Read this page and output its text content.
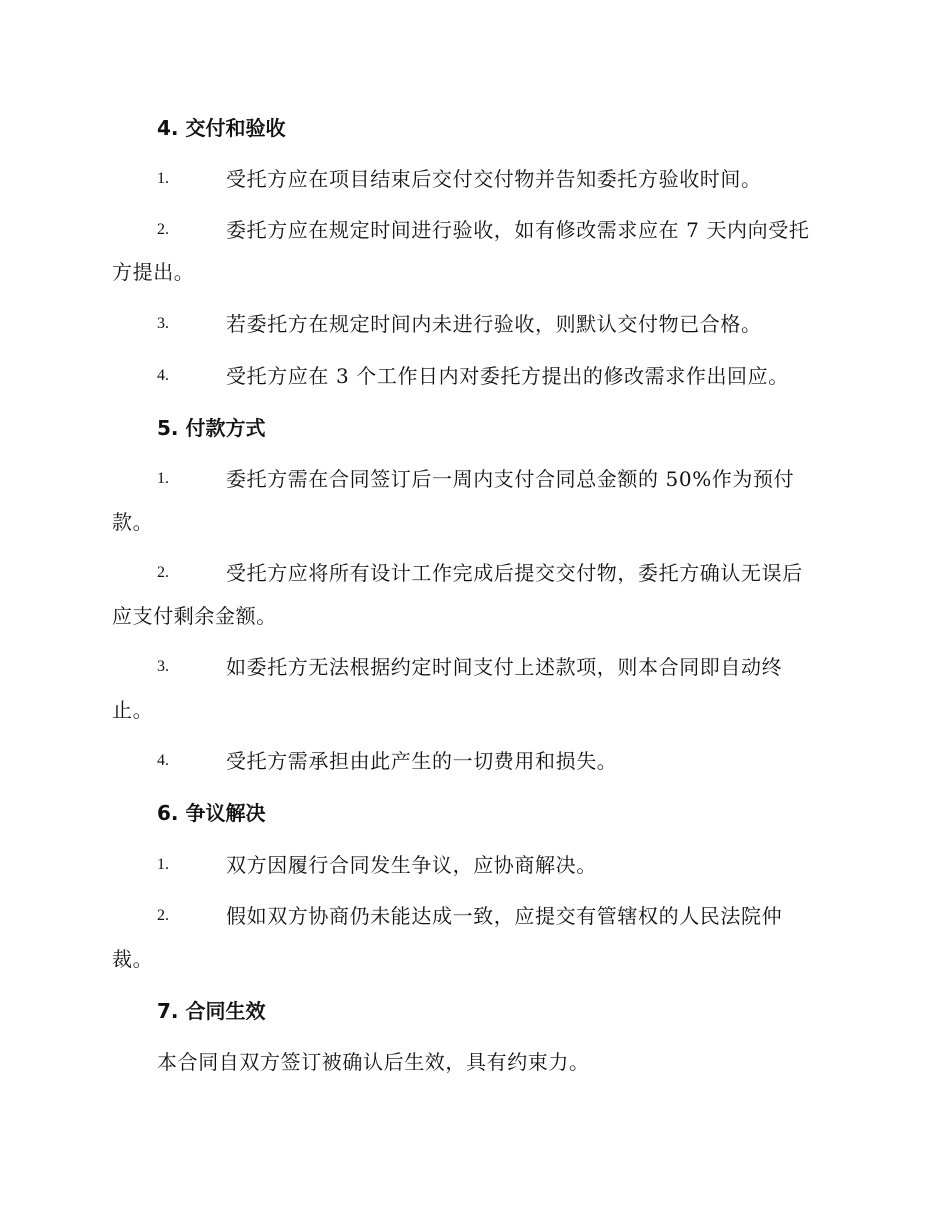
4. 交付和验收
1.	受托方应在项目结束后交付交付物并告知委托方验收时间。
2.	委托方应在规定时间进行验收，如有修改需求应在 7 天内向受托
方提出。
3.	若委托方在规定时间内未进行验收，则默认交付物已合格。
4.	受托方应在 3 个工作日内对委托方提出的修改需求作出回应。
5. 付款方式
1.	委托方需在合同签订后一周内支付合同总金额的 50%作为预付
款。
2.	受托方应将所有设计工作完成后提交交付物，委托方确认无误后
应支付剩余金额。
3.	如委托方无法根据约定时间支付上述款项，则本合同即自动终
止。
4.	受托方需承担由此产生的一切费用和损失。
6. 争议解决
1.	双方因履行合同发生争议，应协商解决。
2.	假如双方协商仍未能达成一致，应提交有管辖权的人民法院仲
裁。
7. 合同生效
本合同自双方签订被确认后生效，具有约束力。
